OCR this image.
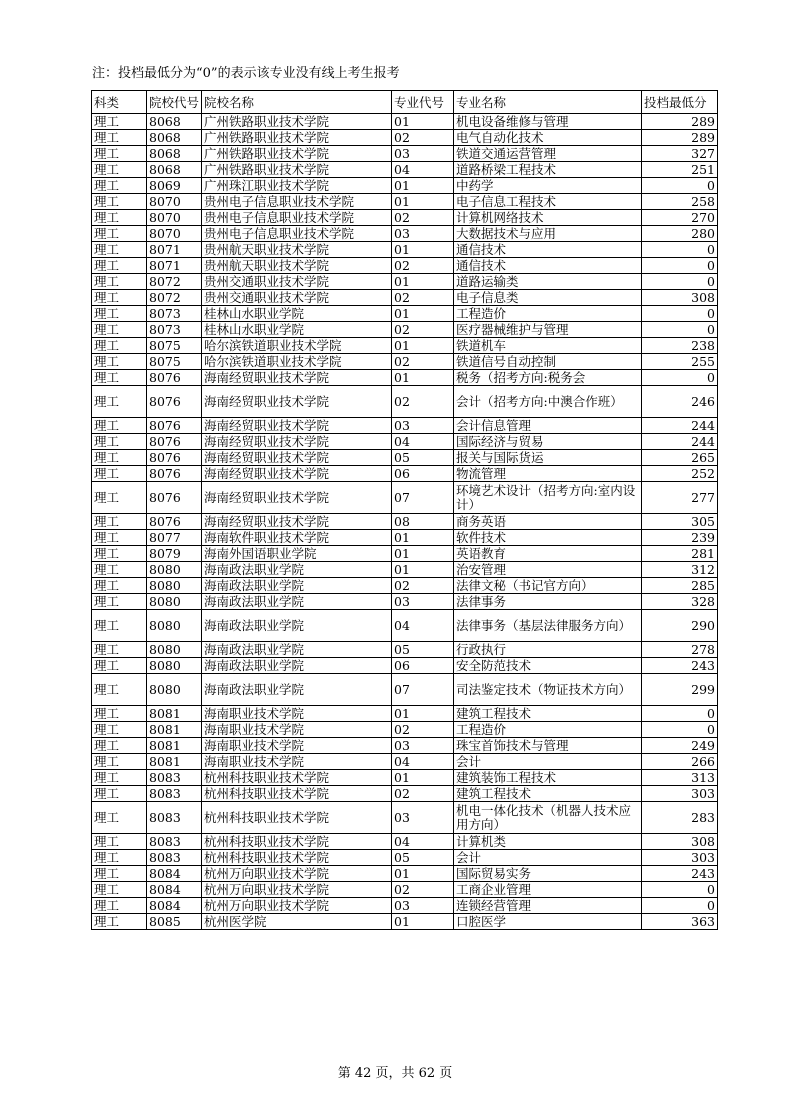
注：投档最低分为“0”的表示该专业没有线上考生报考
科类	院校代号	院校名称	专业代号	专业名称	投档最低分
理工	8068	广州铁路职业技术学院	01	机电设备维修与管理	289
理工	8068	广州铁路职业技术学院	02	电气自动化技术	289
理工	8068	广州铁路职业技术学院	03	铁道交通运营管理	327
理工	8068	广州铁路职业技术学院	04	道路桥梁工程技术	251
理工	8069	广州珠江职业技术学院	01	中药学	0
理工	8070	贵州电子信息职业技术学院	01	电子信息工程技术	258
理工	8070	贵州电子信息职业技术学院	02	计算机网络技术	270
理工	8070	贵州电子信息职业技术学院	03	大数据技术与应用	280
理工	8071	贵州航天职业技术学院	01	通信技术	0
理工	8071	贵州航天职业技术学院	02	通信技术	0
理工	8072	贵州交通职业技术学院	01	道路运输类	0
理工	8072	贵州交通职业技术学院	02	电子信息类	308
理工	8073	桂林山水职业学院	01	工程造价	0
理工	8073	桂林山水职业学院	02	医疗器械维护与管理	0
理工	8075	哈尔滨铁道职业技术学院	01	铁道机车	238
理工	8075	哈尔滨铁道职业技术学院	02	铁道信号自动控制	255
理工	8076	海南经贸职业技术学院	01	税务（招考方向:税务会	0
理工	8076	海南经贸职业技术学院	02	会计（招考方向:中澳合作班）	246
理工	8076	海南经贸职业技术学院	03	会计信息管理	244
理工	8076	海南经贸职业技术学院	04	国际经济与贸易	244
理工	8076	海南经贸职业技术学院	05	报关与国际货运	265
理工	8076	海南经贸职业技术学院	06	物流管理	252
理工	8076	海南经贸职业技术学院	07	环境艺术设计（招考方向:室内设计）	277
理工	8076	海南经贸职业技术学院	08	商务英语	305
理工	8077	海南软件职业技术学院	01	软件技术	239
理工	8079	海南外国语职业学院	01	英语教育	281
理工	8080	海南政法职业学院	01	治安管理	312
理工	8080	海南政法职业学院	02	法律文秘（书记官方向）	285
理工	8080	海南政法职业学院	03	法律事务	328
理工	8080	海南政法职业学院	04	法律事务（基层法律服务方向）	290
理工	8080	海南政法职业学院	05	行政执行	278
理工	8080	海南政法职业学院	06	安全防范技术	243
理工	8080	海南政法职业学院	07	司法鉴定技术（物证技术方向）	299
理工	8081	海南职业技术学院	01	建筑工程技术	0
理工	8081	海南职业技术学院	02	工程造价	0
理工	8081	海南职业技术学院	03	珠宝首饰技术与管理	249
理工	8081	海南职业技术学院	04	会计	266
理工	8083	杭州科技职业技术学院	01	建筑装饰工程技术	313
理工	8083	杭州科技职业技术学院	02	建筑工程技术	303
理工	8083	杭州科技职业技术学院	03	机电一体化技术（机器人技术应用方向）	283
理工	8083	杭州科技职业技术学院	04	计算机类	308
理工	8083	杭州科技职业技术学院	05	会计	303
理工	8084	杭州万向职业技术学院	01	国际贸易实务	243
理工	8084	杭州万向职业技术学院	02	工商企业管理	0
理工	8084	杭州万向职业技术学院	03	连锁经营管理	0
理工	8085	杭州医学院	01	口腔医学	363
第 42 页，共 62 页
